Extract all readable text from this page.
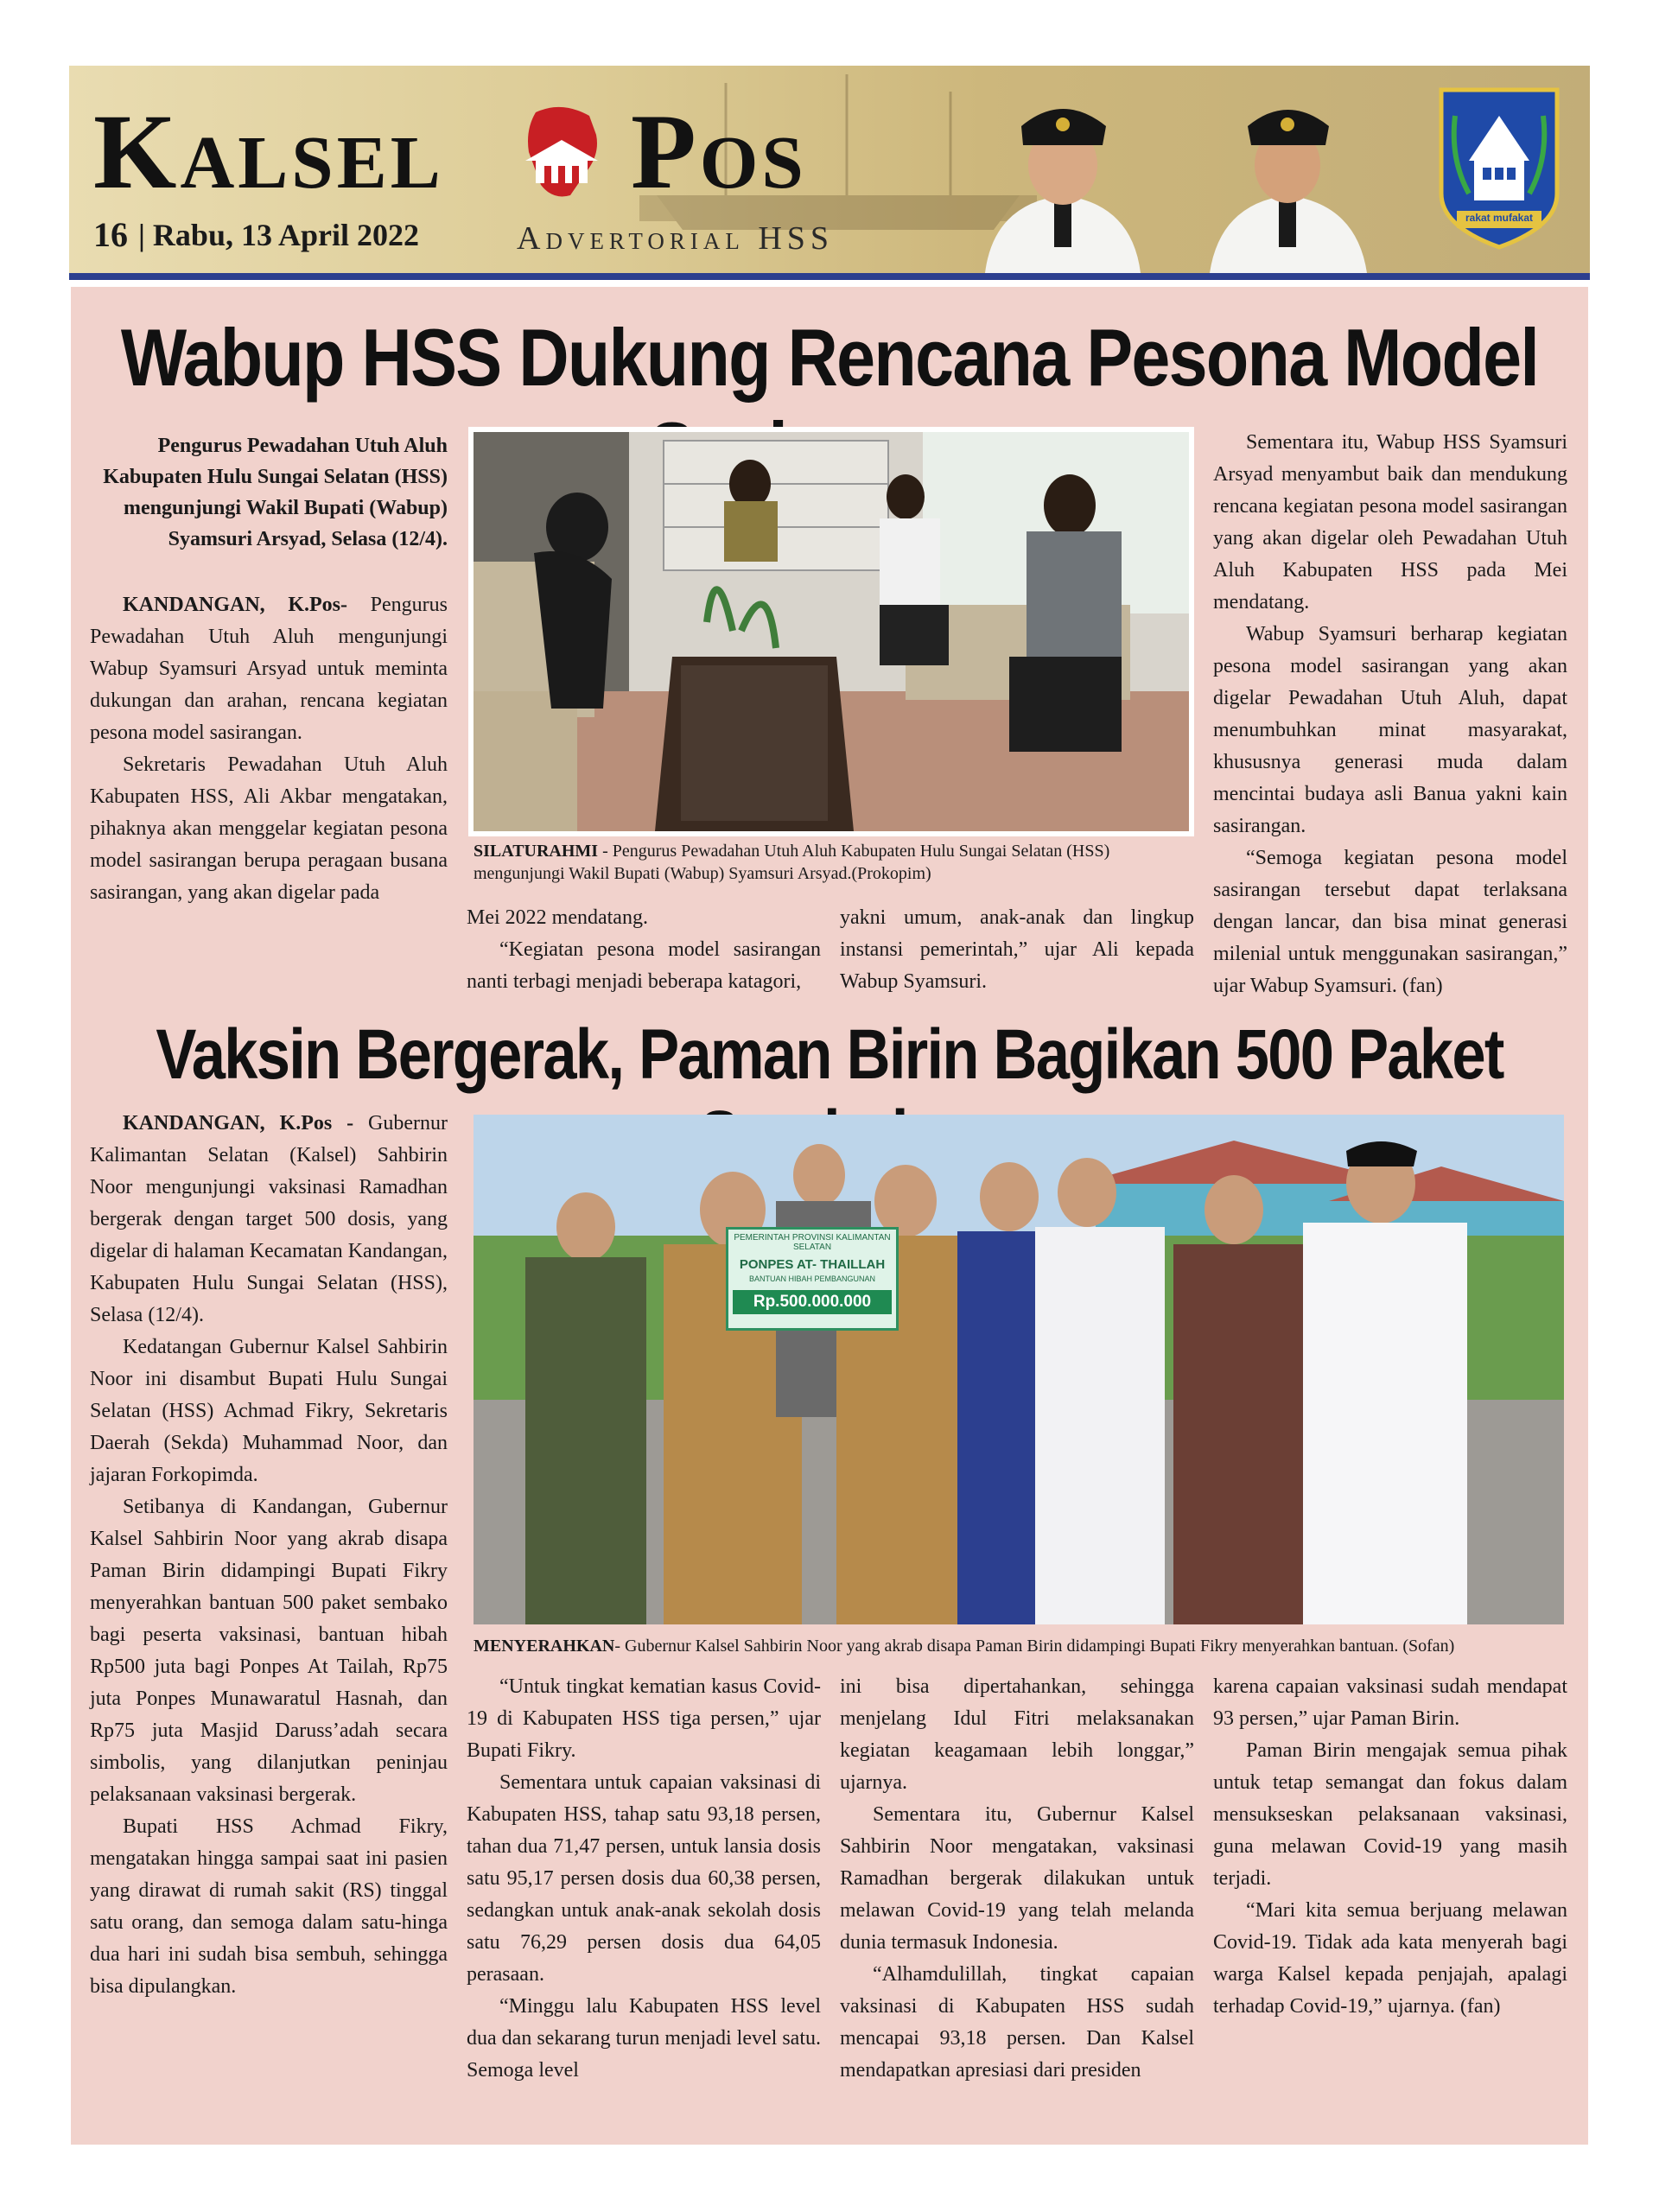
Kalsel Pos
16 | Rabu, 13 April 2022	Advertorial HSS
rakat mufakat
Wabup HSS Dukung Rencana Pesona Model
Pengurus Pewadahan Utuh Aluh Kabupaten Hulu Sungai Selatan (HSS) mengunjungi Wakil Bupati (Wabup) Syamsuri Arsyad, Selasa (12/4).

KANDANGAN, K.Pos- Pengurus Pewadahan Utuh Aluh mengunjungi Wabup Syamsuri Arsyad untuk meminta dukungan dan arahan, rencana kegiatan pesona model sasirangan.

Sekretaris Pewadahan Utuh Aluh Kabupaten HSS, Ali Akbar mengatakan, pihaknya akan menggelar kegiatan pesona model sasirangan berupa peragaan busana sasirangan, yang akan digelar pada

SILATURAHMI - Pengurus Pewadahan Utuh Aluh Kabupaten Hulu Sungai Selatan (HSS) mengunjungi Wakil Bupati (Wabup) Syamsuri Arsyad.(Prokopim)

Mei 2022 mendatang.

“Kegiatan pesona model sasirangan nanti terbagi menjadi beberapa katagori,

yakni umum, anak-anak dan lingkup instansi pemerintah,” ujar Ali kepada Wabup Syamsuri.

Sementara itu, Wabup HSS Syamsuri Arsyad menyambut baik dan mendukung rencana kegiatan pesona model sasirangan yang akan digelar oleh Pewadahan Utuh Aluh Kabupaten HSS pada Mei mendatang.

Wabup Syamsuri berharap kegiatan pesona model sasirangan yang akan digelar Pewadahan Utuh Aluh, dapat menumbuhkan minat masyarakat, khususnya generasi muda dalam mencintai budaya asli Banua yakni kain sasirangan.

“Semoga kegiatan pesona model sasirangan tersebut dapat terlaksana dengan lancar, dan bisa minat generasi milenial untuk menggunakan sasirangan,” ujar Wabup Syamsuri. (fan)

Vaksin Bergerak, Paman Birin Bagikan 500 Paket

KANDANGAN, K.Pos - Gubernur Kalimantan Selatan (Kalsel) Sahbirin Noor mengunjungi vaksinasi Ramadhan bergerak dengan target 500 dosis, yang digelar di halaman Kecamatan Kandangan, Kabupaten Hulu Sungai Selatan (HSS), Selasa (12/4).

Kedatangan Gubernur Kalsel Sahbirin Noor ini disambut Bupati Hulu Sungai Selatan (HSS) Achmad Fikry, Sekretaris Daerah (Sekda) Muhammad Noor, dan jajaran Forkopimda.

Setibanya di Kandangan, Gubernur Kalsel Sahbirin Noor yang akrab disapa Paman Birin didampingi Bupati Fikry menyerahkan bantuan 500 paket sembako bagi peserta vaksinasi, bantuan hibah Rp500 juta bagi Ponpes At Tailah, Rp75 juta Ponpes Munawaratul Hasnah, dan Rp75 juta Masjid Daruss’adah secara simbolis, yang dilanjutkan peninjau pelaksanaan vaksinasi bergerak.

Bupati HSS Achmad Fikry, mengatakan hingga sampai saat ini pasien yang dirawat di rumah sakit (RS) tinggal satu orang, dan semoga dalam satu-hinga dua hari ini sudah bisa sembuh, sehingga bisa dipulangkan.

PEMERINTAH PROVINSI KALIMANTAN SELATAN
PONPES AT- THAILLAH
BANTUAN HIBAH PEMBANGUNAN
Rp.500.000.000
MENYERAHKAN- Gubernur Kalsel Sahbirin Noor yang akrab disapa Paman Birin didampingi Bupati Fikry menyerahkan bantuan. (Sofan)

“Untuk tingkat kematian kasus Covid-19 di Kabupaten HSS tiga persen,” ujar Bupati Fikry.

Sementara untuk capaian vaksinasi di Kabupaten HSS, tahap satu 93,18 persen, tahan dua 71,47 persen, untuk lansia dosis satu 95,17 persen dosis dua 60,38 persen, sedangkan untuk anak-anak sekolah dosis satu 76,29 persen dosis dua 64,05 perasaan.

“Minggu lalu Kabupaten HSS level dua dan sekarang turun menjadi level satu. Semoga level

ini bisa dipertahankan, sehingga menjelang Idul Fitri melaksanakan kegiatan keagamaan lebih longgar,” ujarnya.

Sementara itu, Gubernur Kalsel Sahbirin Noor mengatakan, vaksinasi Ramadhan bergerak dilakukan untuk melawan Covid-19 yang telah melanda dunia termasuk Indonesia.

“Alhamdulillah, tingkat capaian vaksinasi di Kabupaten HSS sudah mencapai 93,18 persen. Dan Kalsel mendapatkan apresiasi dari presiden

karena capaian vaksinasi sudah mendapat 93 persen,” ujar Paman Birin.

Paman Birin mengajak semua pihak untuk tetap semangat dan fokus dalam mensukseskan pelaksanaan vaksinasi, guna melawan Covid-19 yang masih terjadi.

“Mari kita semua berjuang melawan Covid-19. Tidak ada kata menyerah bagi warga Kalsel kepada penjajah, apalagi terhadap Covid-19,” ujarnya. (fan)
